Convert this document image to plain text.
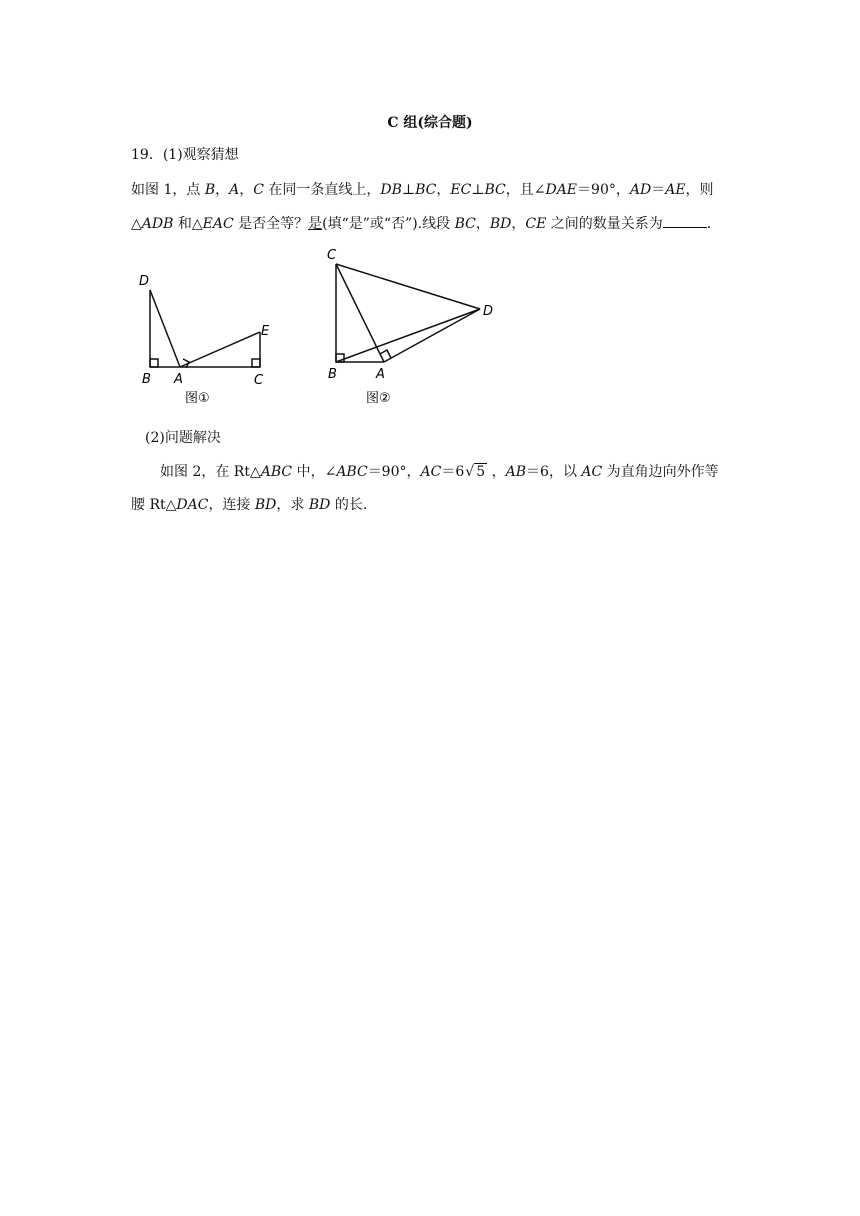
C 组(综合题)
19．(1)观察猜想
如图 1，点 B，A，C 在同一条直线上，DB⊥BC，EC⊥BC，且∠DAE＝90°，AD＝AE，则
△ADB 和△EAC 是否全等？是(填“是”或“否”).线段 BC，BD，CE 之间的数量关系为	.
D
B A	C
E
图①
C
D
B	A
图②
(2)问题解决
如图 2，在 Rt△ABC 中，∠ABC＝90°，AC＝6 √ 5 ，AB＝6，以 AC 为直角边向外作等
腰 Rt△DAC，连接 BD，求 BD 的长.
